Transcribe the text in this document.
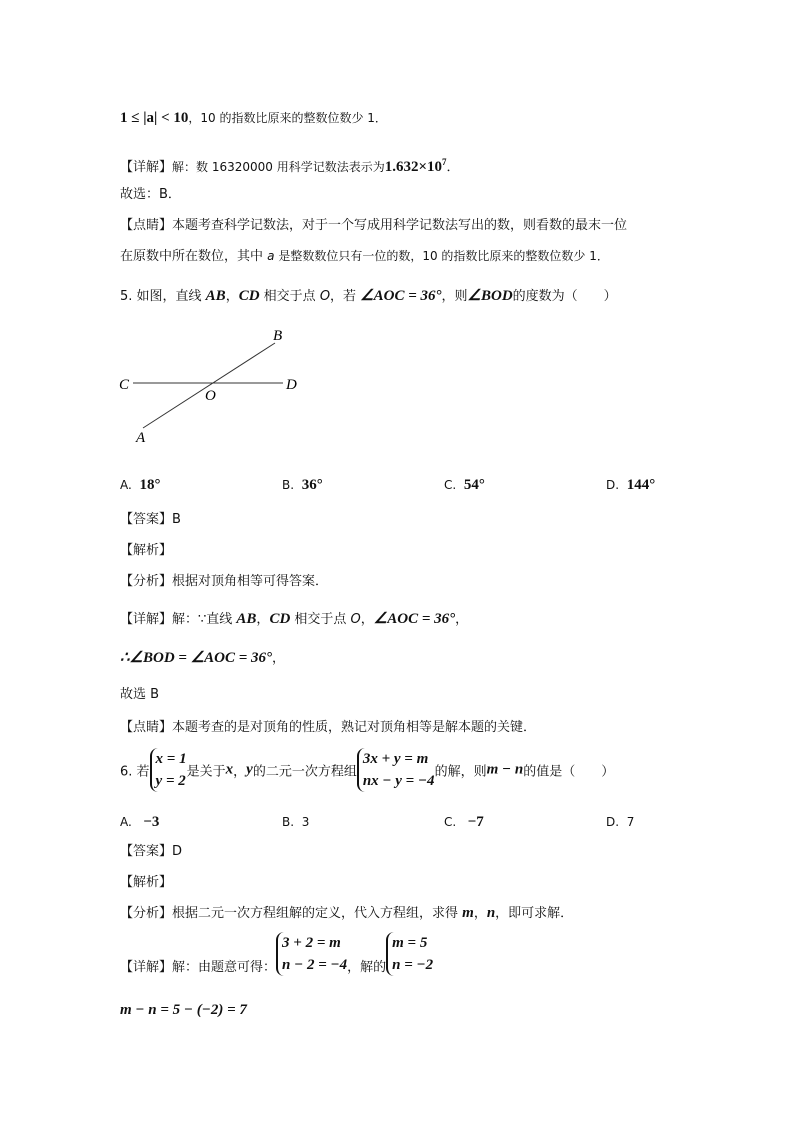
1 ≤ |a| < 10，10 的指数比原来的整数位数少 1．
【详解】解：数 16320000 用科学记数法表示为$1.632\times 10^7$．
故选：B．
【点睛】本题考查科学记数法，对于一个写成用科学记数法写出的数，则看数的最末一位
在原数中所在数位，其中 a 是整数数位只有一位的数，10 的指数比原来的整数位数少 1．
5. 如图，直线 AB，CD 相交于点 O，若 ∠AOC = 36°，则∠BOD的度数为（　　）
B
C	D
O
A
A. 18°	B. 36°	C. 54°	D. 144°
【答案】B
【解析】
【分析】根据对顶角相等可得答案．
【详解】解：∵直线 AB，CD 相交于点 O，∠AOC = 36°，
∴∠BOD = ∠AOC = 36°，
故选 B
【点睛】本题考查的是对顶角的性质，熟记对顶角相等是解本题的关键．
6. 若
x = 1
y = 2
是关于x，y的二元一次方程组
3x + y = m
nx − y = −4
的解，则m − n的值是（　　）
A. −3	B. 3	C. −7	D. 7
【答案】D
【解析】
【分析】根据二元一次方程组解的定义，代入方程组，求得 m，n，即可求解．
【详解】解：由题意可得：
3 + 2 = m
n − 2 = −4 ，解的
m = 5
n = −2
m − n = 5 − (−2) = 7
